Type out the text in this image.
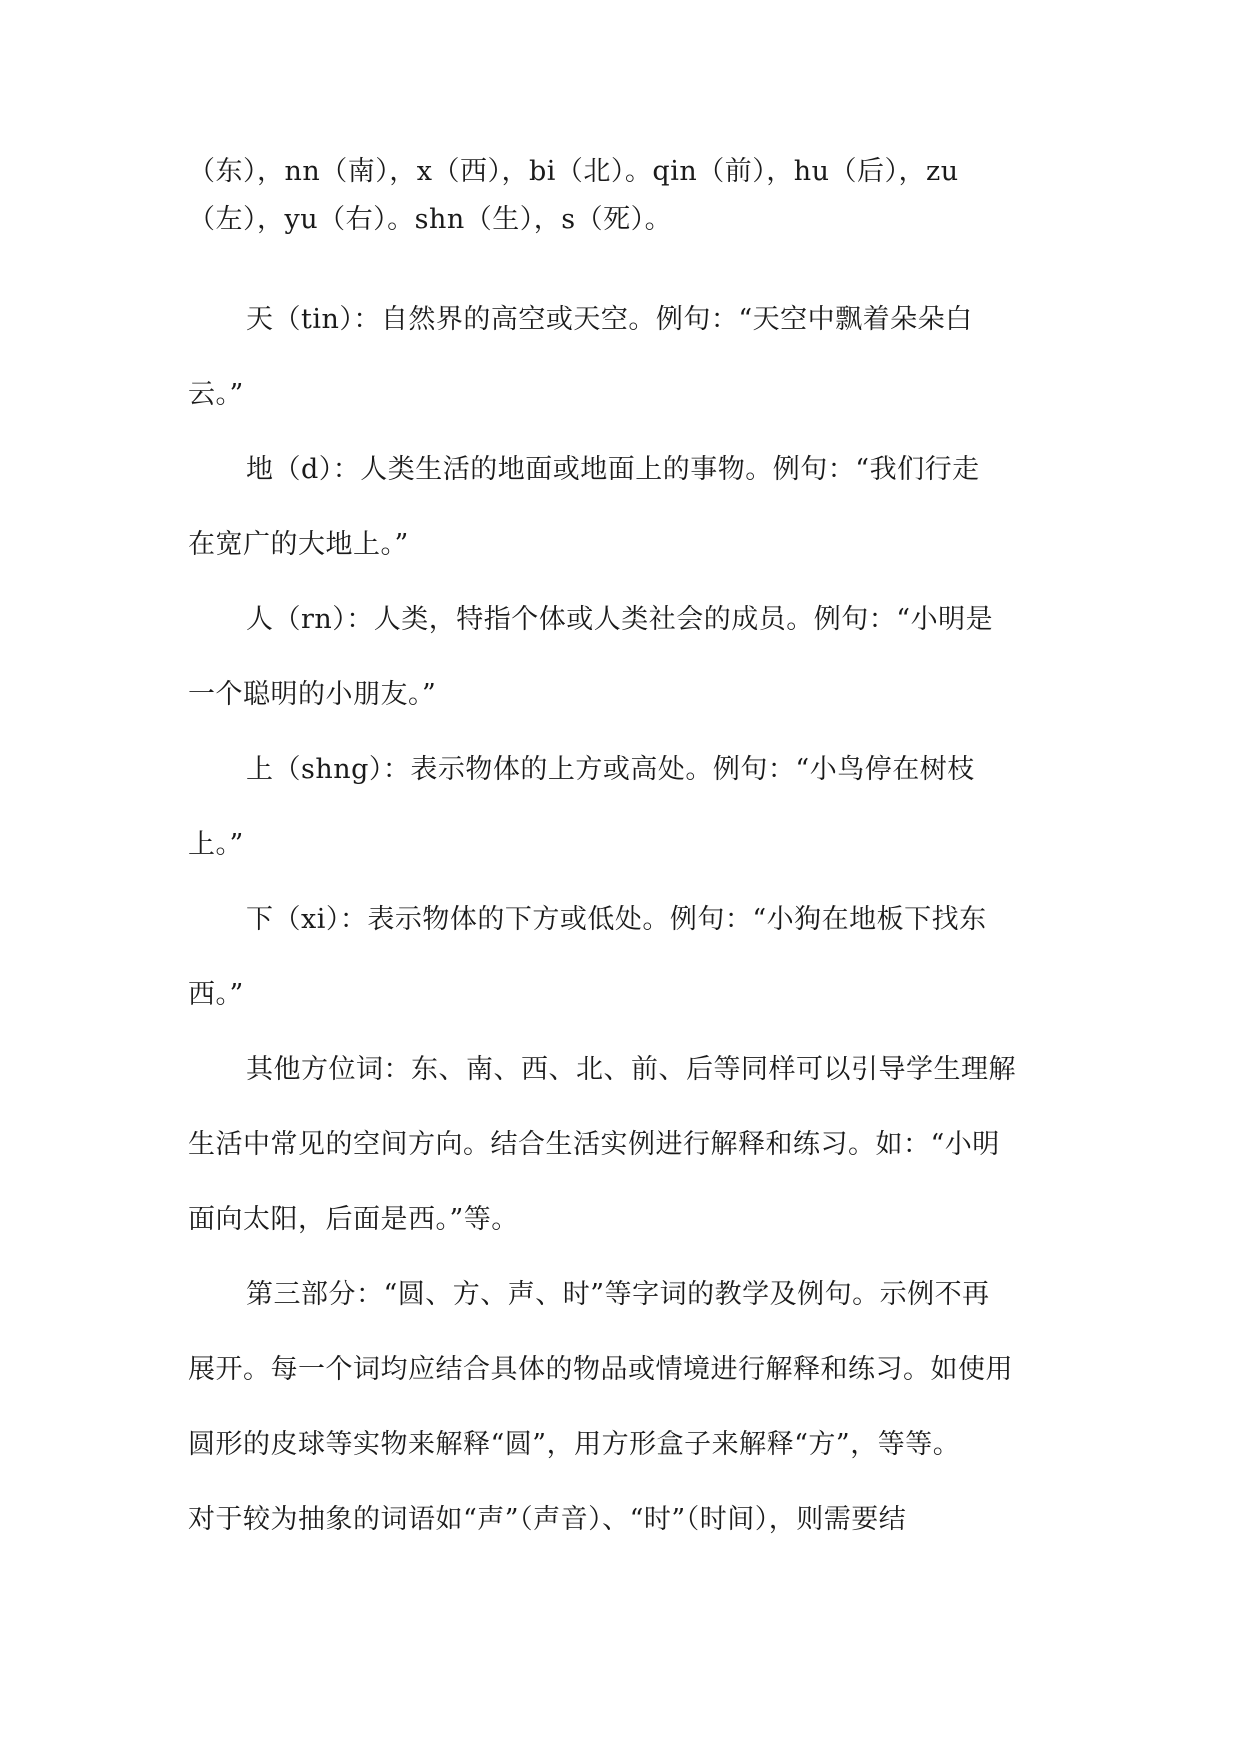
（东），nn（南），x（西），bi（北）。qin（前），hu（后），zu
（左），yu（右）。shn（生），s（死）。
天（tin）：自然界的高空或天空。例句：“天空中飘着朵朵白
云。”
地（d）：人类生活的地面或地面上的事物。例句：“我们行走
在宽广的大地上。”
人（rn）：人类，特指个体或人类社会的成员。例句：“小明是
一个聪明的小朋友。”
上（shng）：表示物体的上方或高处。例句：“小鸟停在树枝
上。”
下（xi）：表示物体的下方或低处。例句：“小狗在地板下找东
西。”
其他方位词：东、南、西、北、前、后等同样可以引导学生理解
生活中常见的空间方向。结合生活实例进行解释和练习。如：“小明
面向太阳，后面是西。”等。
第三部分：“圆、方、声、时”等字词的教学及例句。示例不再
展开。每一个词均应结合具体的物品或情境进行解释和练习。如使用
圆形的皮球等实物来解释“圆”，用方形盒子来解释“方”，等等。
对于较为抽象的词语如“声”（声音）、“时”（时间），则需要结
